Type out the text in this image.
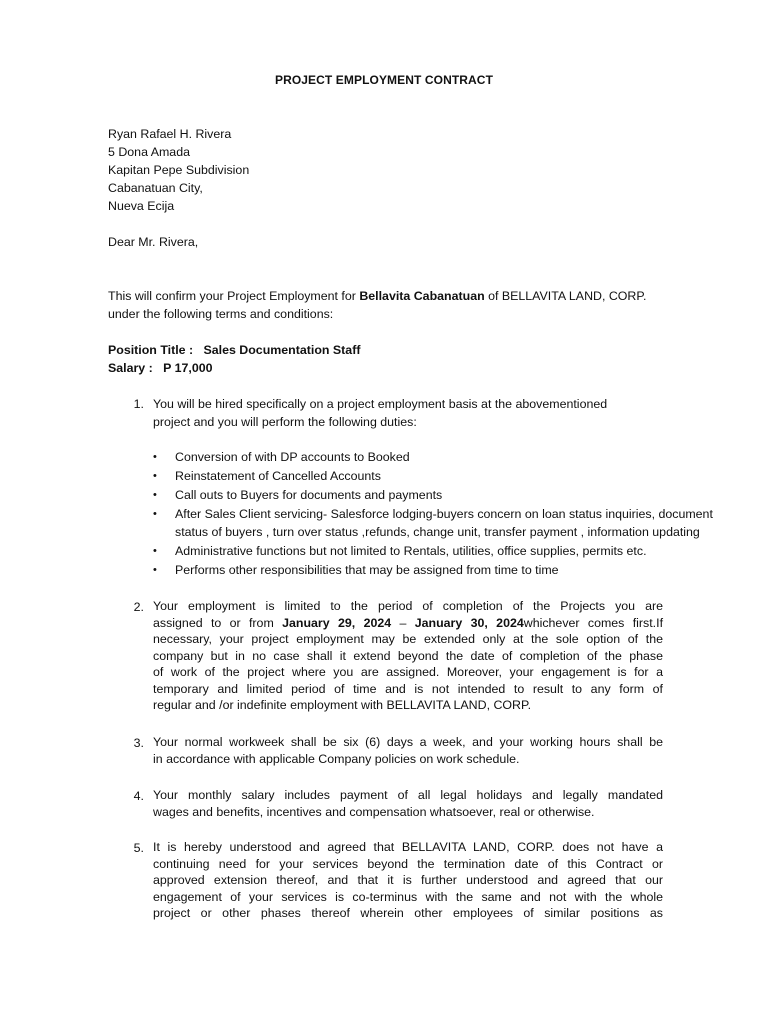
PROJECT EMPLOYMENT CONTRACT
Ryan Rafael H. Rivera
5 Dona Amada
Kapitan Pepe Subdivision
Cabanatuan City,
Nueva Ecija
Dear Mr. Rivera,
This will confirm your Project Employment for Bellavita Cabanatuan of BELLAVITA LAND, CORP.
under the following terms and conditions:
Position Title : Sales Documentation Staff
Salary : P 17,000
1. You will be hired specifically on a project employment basis at the abovementioned
project and you will perform the following duties:
• Conversion of with DP accounts to Booked
• Reinstatement of Cancelled Accounts
• Call outs to Buyers for documents and payments
• After Sales Client servicing- Salesforce lodging-buyers concern on loan status inquiries, document
status of buyers , turn over status ,refunds, change unit, transfer payment , information updating
• Administrative functions but not limited to Rentals, utilities, office supplies, permits etc.
• Performs other responsibilities that may be assigned from time to time
2. Your employment is limited to the period of completion of the Projects you are
assigned to or from January 29, 2024 – January 30, 2024whichever comes first.If
necessary, your project employment may be extended only at the sole option of the
company but in no case shall it extend beyond the date of completion of the phase
of work of the project where you are assigned. Moreover, your engagement is for a
temporary and limited period of time and is not intended to result to any form of
regular and /or indefinite employment with BELLAVITA LAND, CORP.
3. Your normal workweek shall be six (6) days a week, and your working hours shall be
in accordance with applicable Company policies on work schedule.
4. Your monthly salary includes payment of all legal holidays and legally mandated
wages and benefits, incentives and compensation whatsoever, real or otherwise.
5. It is hereby understood and agreed that BELLAVITA LAND, CORP. does not have a
continuing need for your services beyond the termination date of this Contract or
approved extension thereof, and that it is further understood and agreed that our
engagement of your services is co-terminus with the same and not with the whole
project or other phases thereof wherein other employees of similar positions as
